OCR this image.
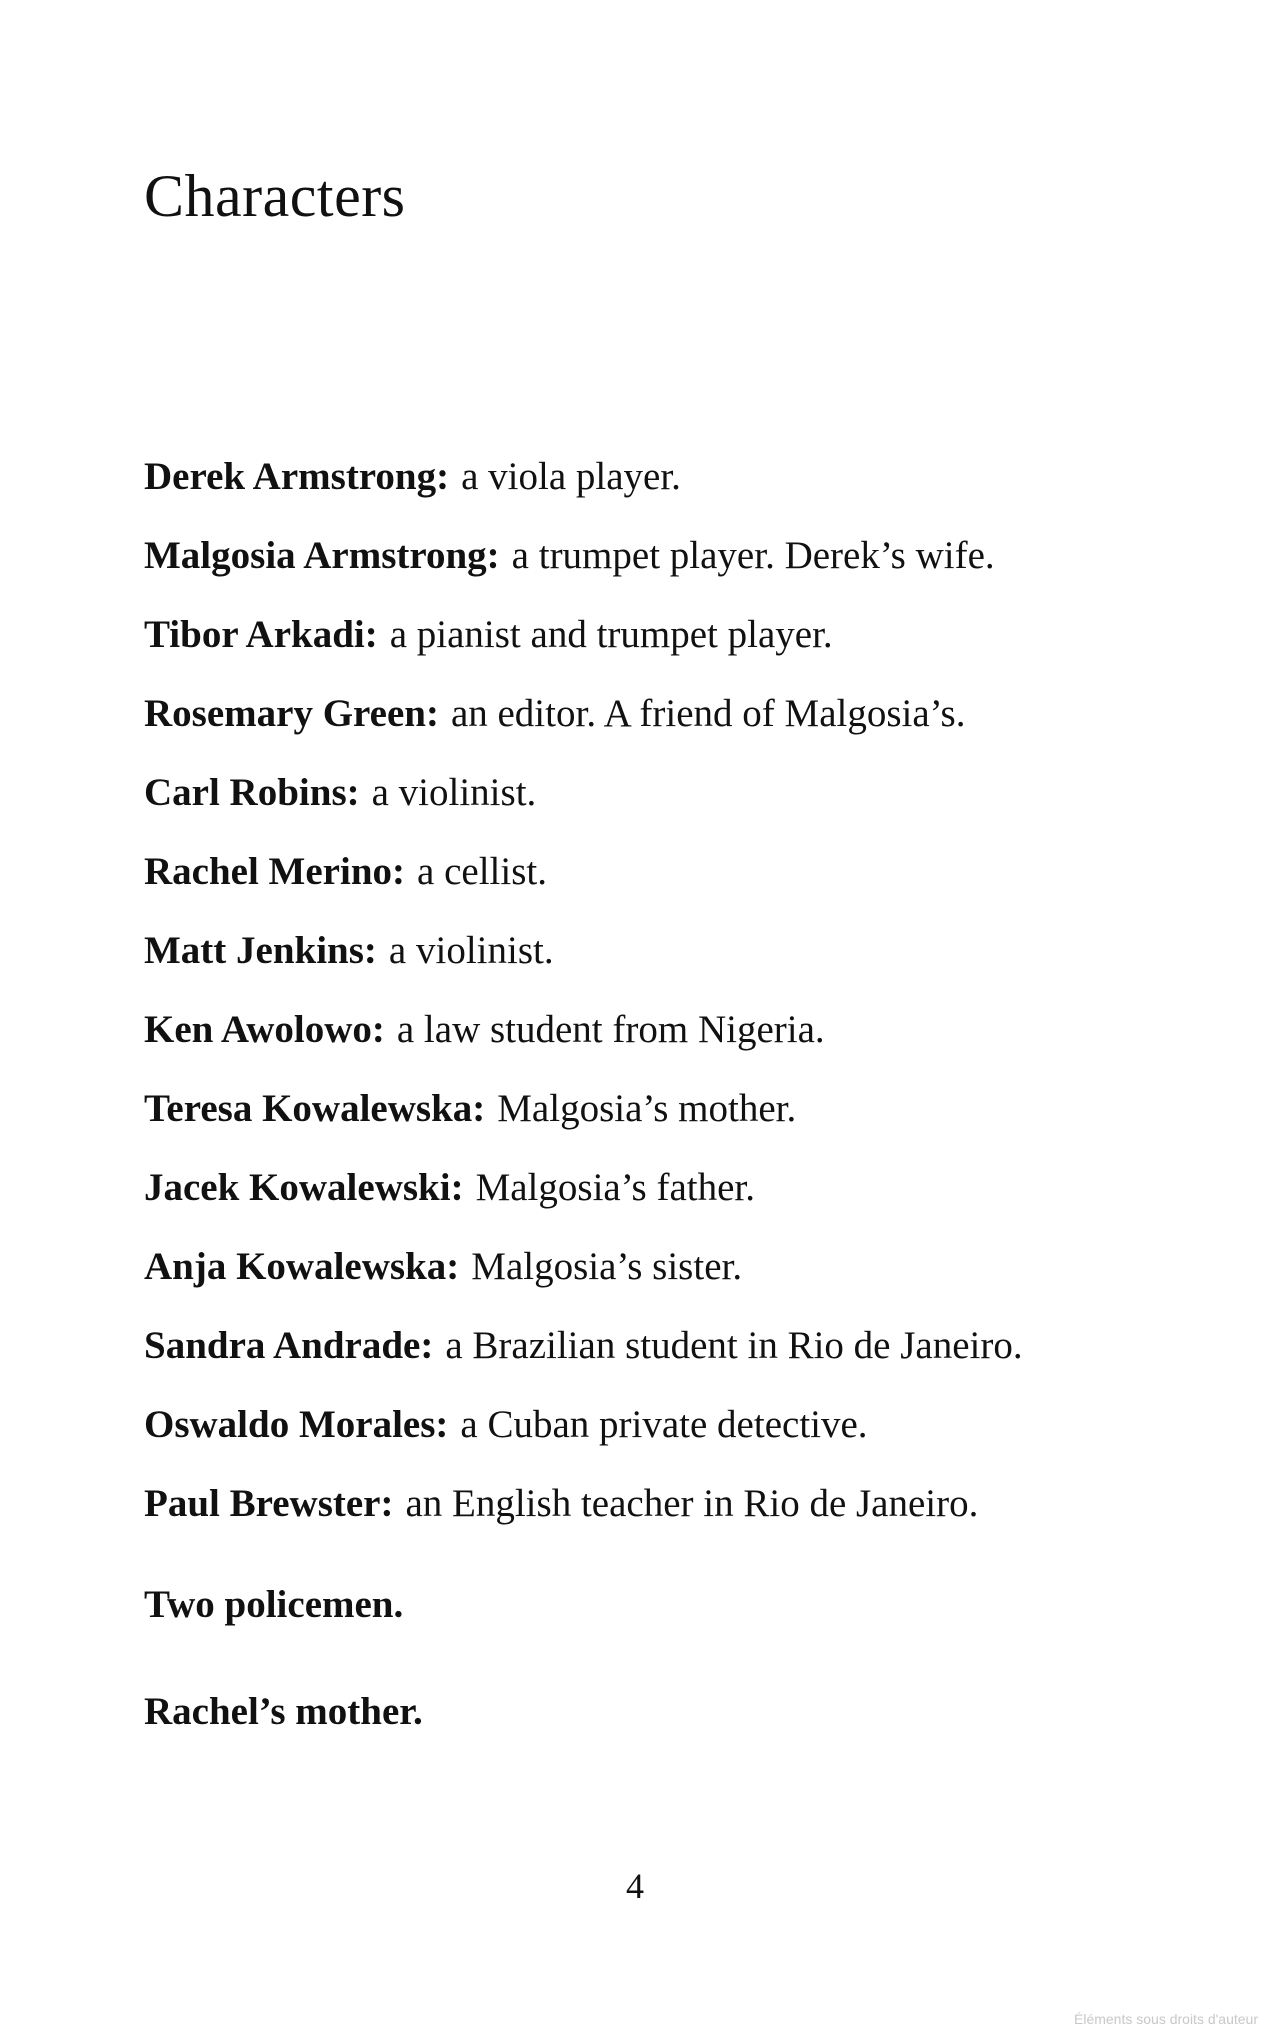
Characters
Derek Armstrong: a viola player.
Malgosia Armstrong: a trumpet player. Derek’s wife.
Tibor Arkadi: a pianist and trumpet player.
Rosemary Green: an editor. A friend of Malgosia’s.
Carl Robins: a violinist.
Rachel Merino: a cellist.
Matt Jenkins: a violinist.
Ken Awolowo: a law student from Nigeria.
Teresa Kowalewska: Malgosia’s mother.
Jacek Kowalewski: Malgosia’s father.
Anja Kowalewska: Malgosia’s sister.
Sandra Andrade: a Brazilian student in Rio de Janeiro.
Oswaldo Morales: a Cuban private detective.
Paul Brewster: an English teacher in Rio de Janeiro.
Two policemen.
Rachel’s mother.
4
Éléments sous droits d'auteur
